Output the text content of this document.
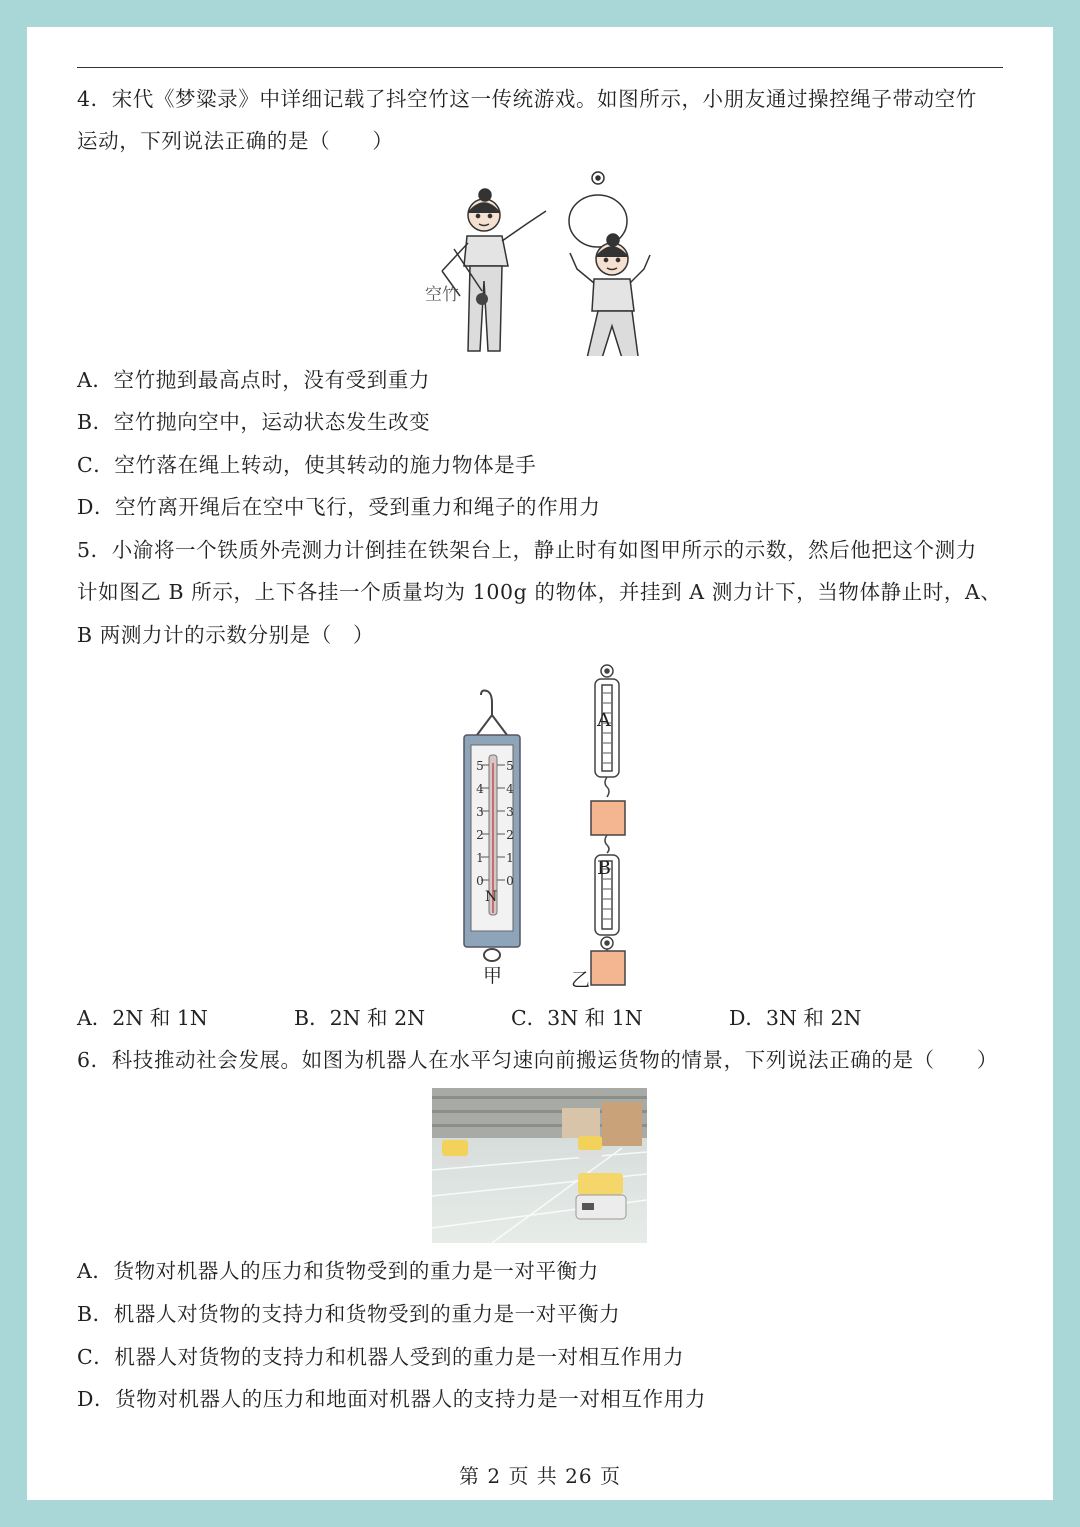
4．宋代《梦粱录》中详细记载了抖空竹这一传统游戏。如图所示，小朋友通过操控绳子带动空竹
运动，下列说法正确的是（　　）
空竹
A．空竹抛到最高点时，没有受到重力
B．空竹抛向空中，运动状态发生改变
C．空竹落在绳上转动，使其转动的施力物体是手
D．空竹离开绳后在空中飞行，受到重力和绳子的作用力
5．小渝将一个铁质外壳测力计倒挂在铁架台上，静止时有如图甲所示的示数，然后他把这个测力
计如图乙 B 所示，上下各挂一个质量均为 100g 的物体，并挂到 A 测力计下，当物体静止时，A、
B 两测力计的示数分别是（　）
5
4
3
2
1
0
5
4
3
2
1
0
N
A
B
甲	乙
A．2N 和 1N	B．2N 和 2N	C．3N 和 1N	D．3N 和 2N
6．科技推动社会发展。如图为机器人在水平匀速向前搬运货物的情景，下列说法正确的是（　　）
A．货物对机器人的压力和货物受到的重力是一对平衡力
B．机器人对货物的支持力和货物受到的重力是一对平衡力
C．机器人对货物的支持力和机器人受到的重力是一对相互作用力
D．货物对机器人的压力和地面对机器人的支持力是一对相互作用力
第 2 页 共 26 页
